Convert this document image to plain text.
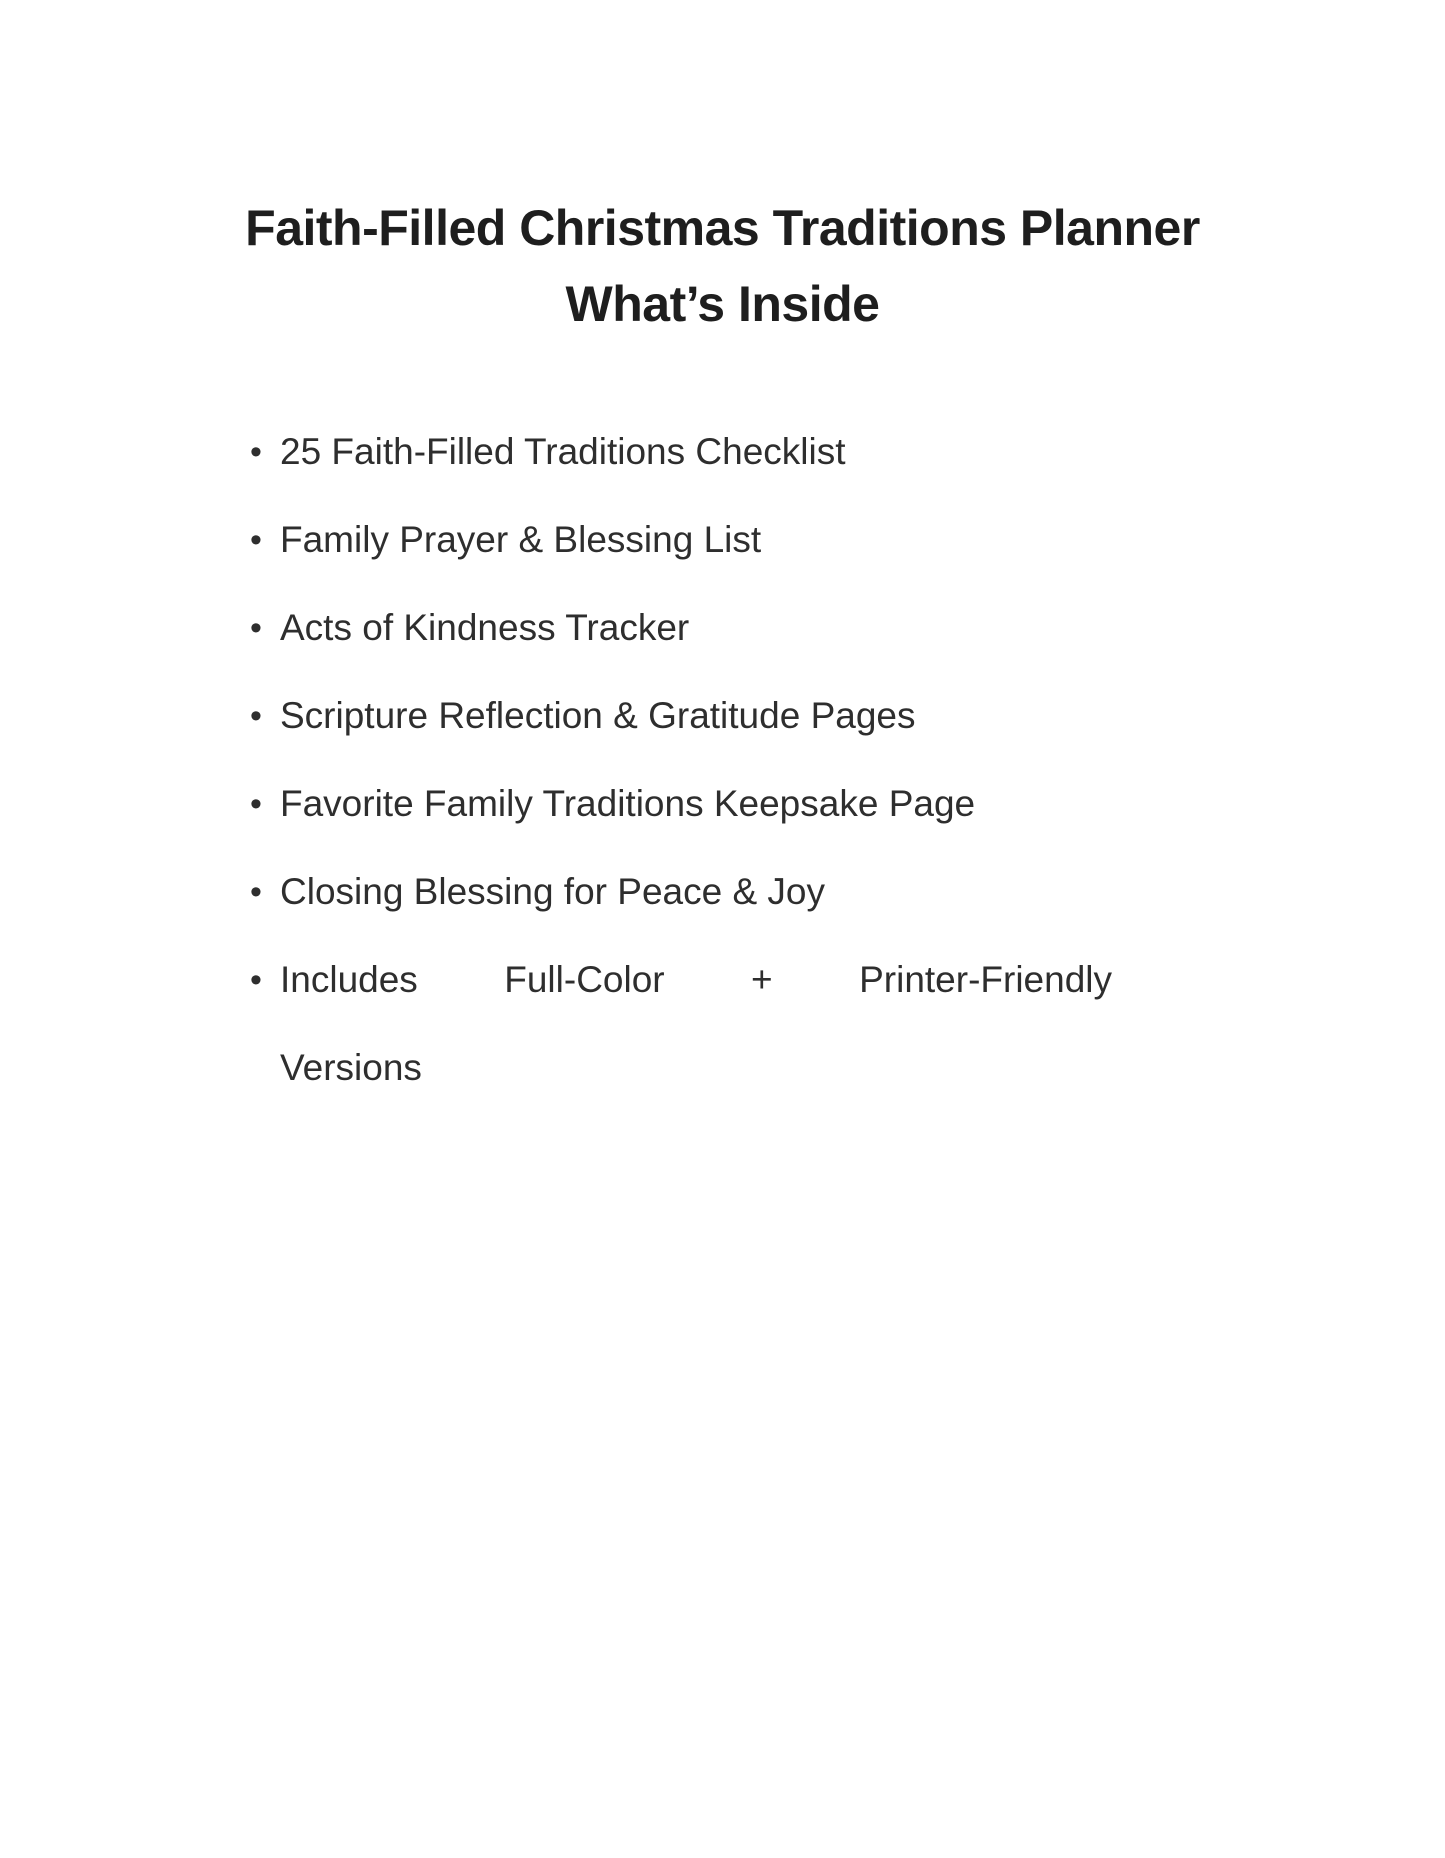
Faith-Filled Christmas Traditions Planner
What’s Inside
• 25 Faith-Filled Traditions Checklist
• Family Prayer & Blessing List
• Acts of Kindness Tracker
• Scripture Reflection & Gratitude Pages
• Favorite Family Traditions Keepsake Page
• Closing Blessing for Peace & Joy
• Includes Full-Color + Printer-Friendly
Versions
